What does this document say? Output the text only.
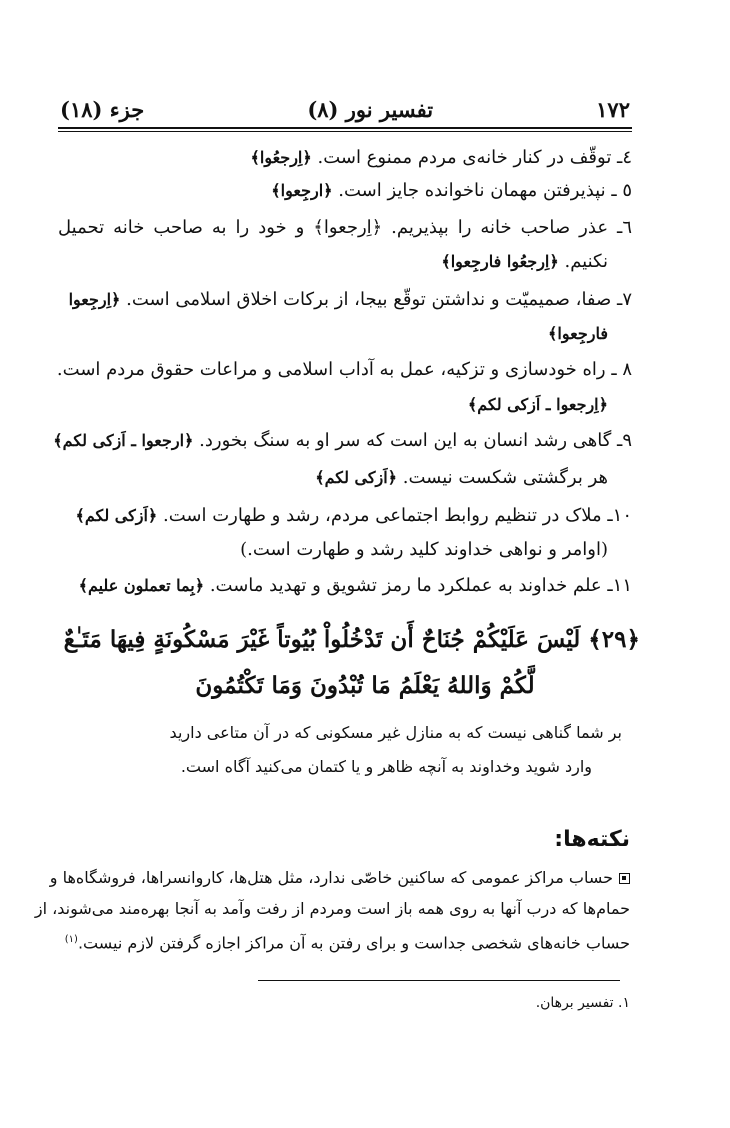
۱۷۲
تفسیر نور (۸)
جزء (۱۸)
٤ـ توقّف در کنار خانه‌ی مردم ممنوع است. ﴿اِرجعُوا﴾
٥ ـ نپذیرفتن مهمان ناخوانده جایز است. ﴿ارجِعوا﴾
٦ـ عذر صاحب خانه را بپذیریم. ﴿اِرجعوا﴾ و خود را به صاحب خانه تحمیل
نکنیم. ﴿اِرجعُوا فارجِعوا﴾
٧ـ صفا، صمیمیّت و نداشتن توقّع بیجا، از برکات اخلاق اسلامی است. ﴿اِرجِعوا
فارجِعوا﴾
٨ ـ راه خودسازی و تزکیه، عمل به آداب اسلامی و مراعات حقوق مردم است.
﴿اِرجعوا ـ اَزکی لکم﴾
٩ـ گاهی رشد انسان به این است که سر او به سنگ بخورد. ﴿ارجعوا ـ اَزکی لکم﴾
هر برگشتی شکست نیست. ﴿اَزکی لکم﴾
١٠ـ ملاک در تنظیم روابط اجتماعی مردم، رشد و طهارت است. ﴿اَزکی لکم﴾
(اوامر و نواهی خداوند کلید رشد و طهارت است.)
١١ـ علم خداوند به عملکرد ما رمز تشویق و تهدید ماست. ﴿بِما تعملون علیم﴾
﴿۲۹﴾ لَيْسَ عَلَيْكُمْ جُنَاحٌ أَن تَدْخُلُواْ بُيُوتاً غَيْرَ مَسْكُونَةٍ فِيهَا مَتَـٰعٌ
لَّكُمْ وَاللهُ يَعْلَمُ مَا تُبْدُونَ وَمَا تَكْتُمُونَ
بر شما گناهی نیست که به منازل غیر مسکونی که در آن متاعی دارید
وارد شوید وخداوند به آنچه ظاهر و یا کتمان می‌کنید آگاه است.
نکته‌ها:
حساب مراکز عمومی که ساکنین خاصّی ندارد، مثل هتل‌ها، کاروانسراها، فروشگاه‌ها و
حمام‌ها که درب آنها به روی همه باز است ومردم از رفت وآمد به آنجا بهره‌مند می‌شوند، از
حساب خانه‌های شخصی جداست و برای رفتن به آن مراکز اجازه گرفتن لازم نیست.$^{(۱)}$
۱. تفسیر برهان.
